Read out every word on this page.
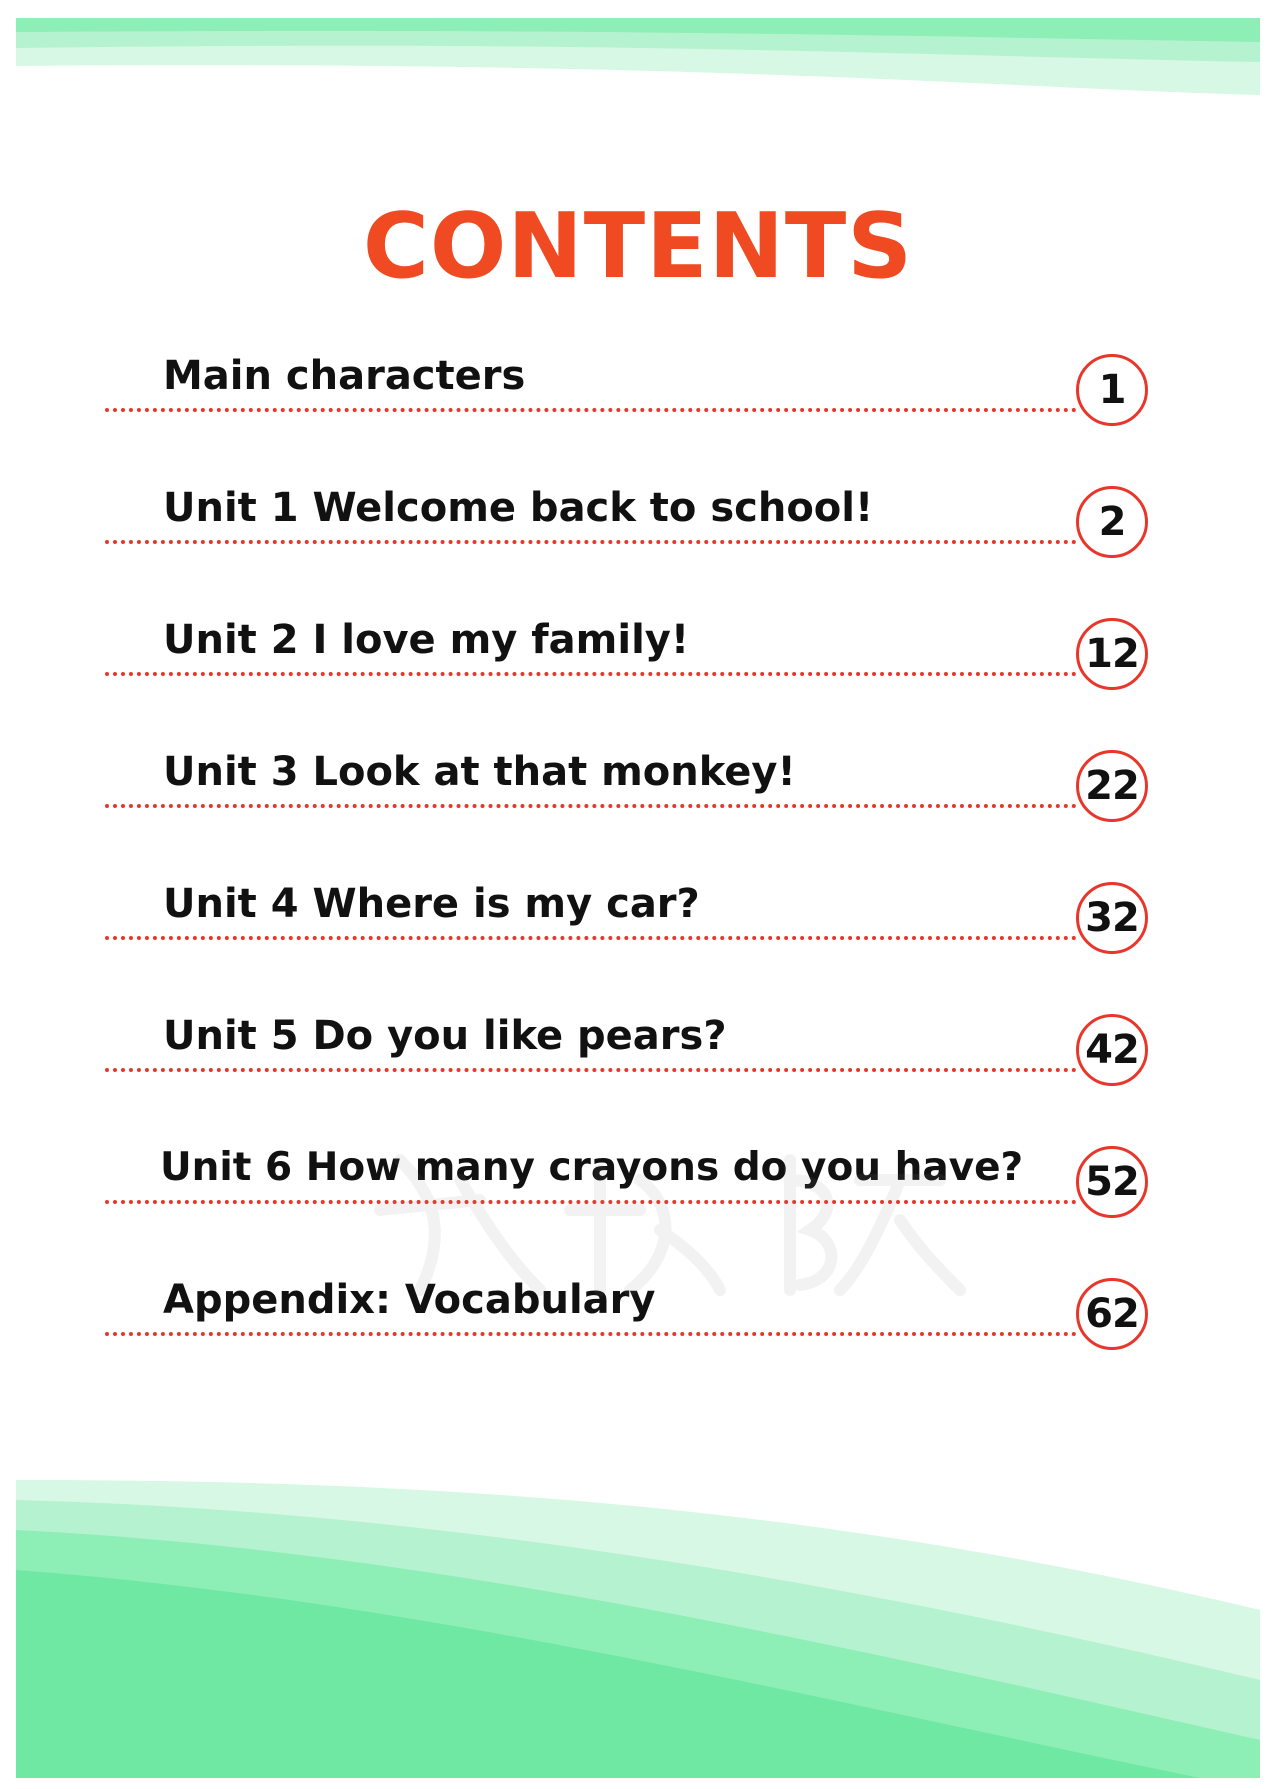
CONTENTS
Main characters	1
Unit 1 Welcome back to school!	2
Unit 2 I love my family!	12
Unit 3 Look at that monkey!	22
Unit 4 Where is my car?	32
Unit 5 Do you like pears?	42
Unit 6 How many crayons do you have? 52
Appendix: Vocabulary	62
